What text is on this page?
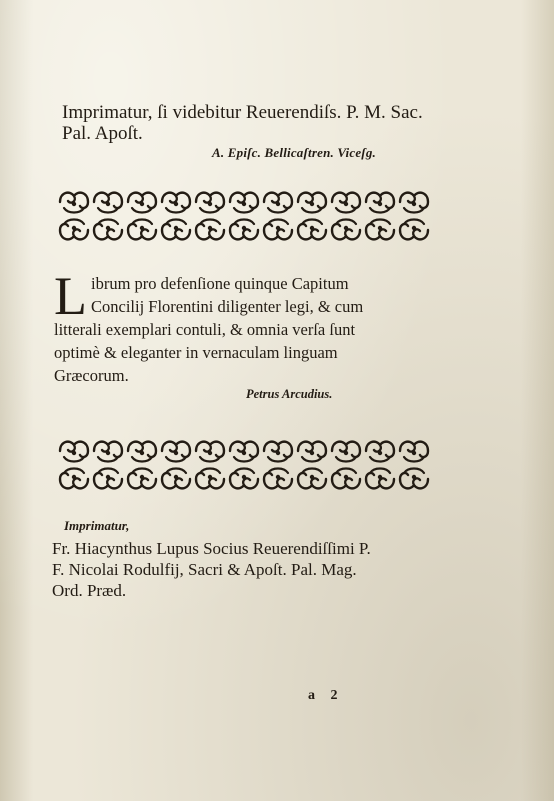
Imprimatur, ſi videbitur Reuerendiſs. P. M. Sac.
Pal. Apoſt.
A. Epiſc. Bellicaſtren. Viceſg.
L ibrum pro defenſione quinque Capitum
Concilij Florentini diligenter legi, & cum
litterali exemplari contuli, & omnia verſa ſunt
optimè & eleganter in vernaculam linguam
Græcorum.
Petrus Arcudius.
Imprimatur,
Fr. Hiacynthus Lupus Socius Reuerendiſſimi P.
F. Nicolai Rodulfij, Sacri & Apoſt. Pal. Mag.
Ord. Præd.
a 2
